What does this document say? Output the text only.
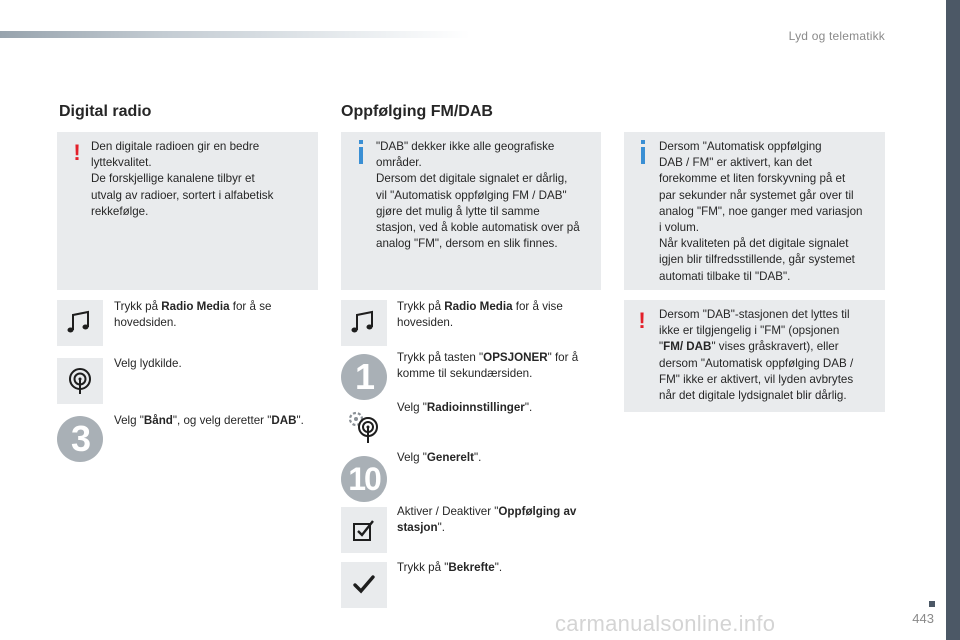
Lyd og telematikk
Digital radio
! Den digitale radioen gir en bedre
lyttekvalitet.
De forskjellige kanalene tilbyr et
utvalg av radioer, sortert i alfabetisk
rekkefølge.
Trykk på Radio Media for å se
hovedsiden.
Velg lydkilde.
3	Velg "Bånd", og velg deretter "DAB".
Oppfølging FM/DAB
"DAB" dekker ikke alle geografiske
områder.
Dersom det digitale signalet er dårlig,
vil "Automatisk oppfølging FM / DAB"
gjøre det mulig å lytte til samme
stasjon, ved å koble automatisk over på
analog "FM", dersom en slik finnes.
Dersom "Automatisk oppfølging
DAB / FM" er aktivert, kan det
forekomme et liten forskyvning på et
par sekunder når systemet går over til
analog "FM", noe ganger med variasjon
i volum.
Når kvaliteten på det digitale signalet
igjen blir tilfredsstillende, går systemet
automati tilbake til "DAB".
! Dersom "DAB"-stasjonen det lyttes til
ikke er tilgjengelig i "FM" (opsjonen
"FM/ DAB" vises gråskravert), eller
dersom "Automatisk oppfølging DAB /
FM" ikke er aktivert, vil lyden avbrytes
når det digitale lydsignalet blir dårlig.
Trykk på Radio Media for å vise
hovesiden.
1	Trykk på tasten "OPSJONER" for å
komme til sekundærsiden.
Velg "Radioinnstillinger".
10
Velg "Generelt".
Aktiver / Deaktiver "Oppfølging av
stasjon".
Trykk på "Bekrefte".
443
carmanualsonline.info
